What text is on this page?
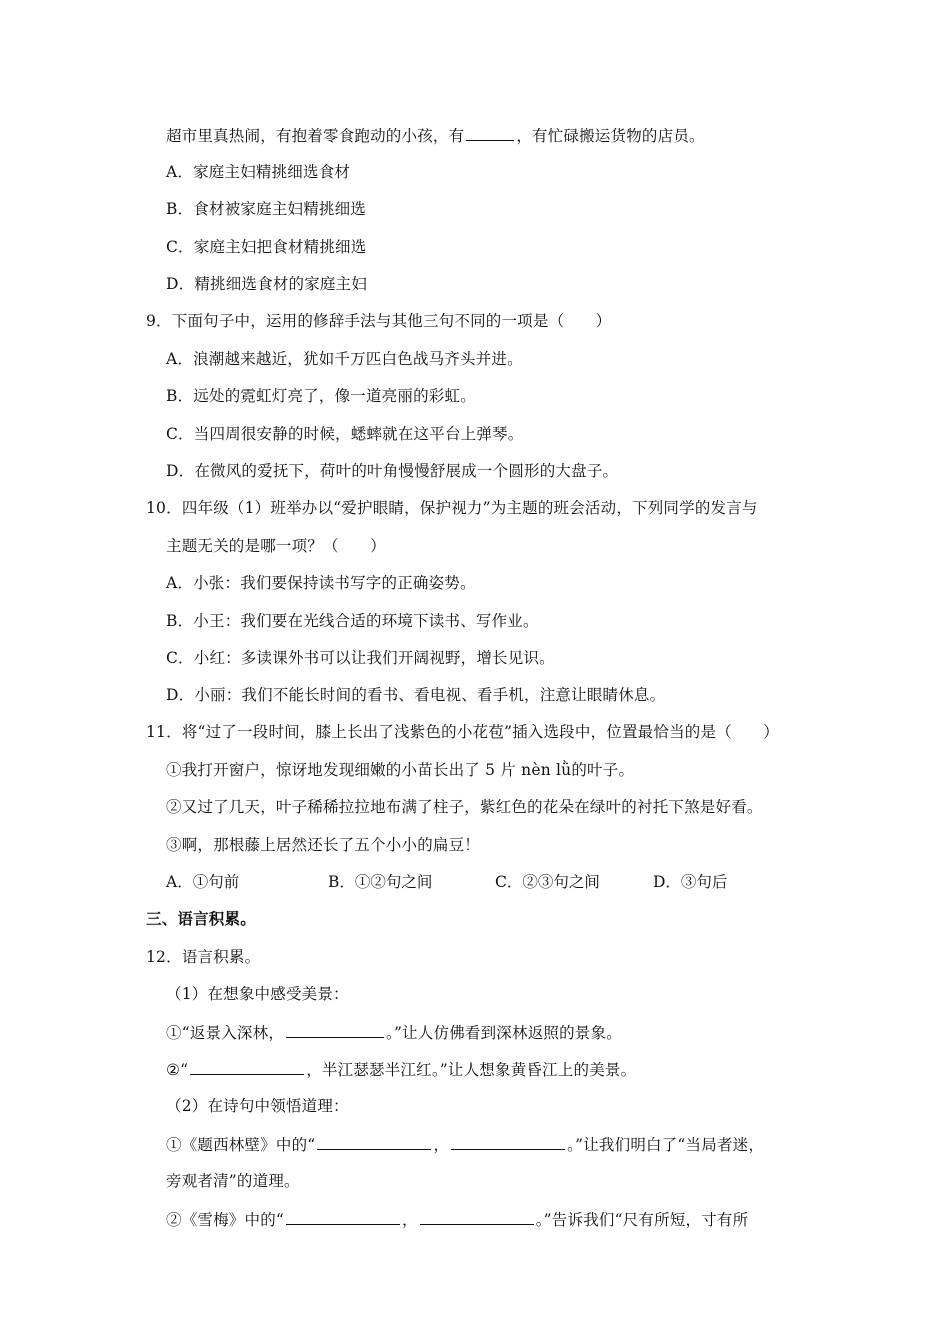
超市里真热闹，有抱着零食跑动的小孩，有	，有忙碌搬运货物的店员。
A．家庭主妇精挑细选食材
B．食材被家庭主妇精挑细选
C．家庭主妇把食材精挑细选
D．精挑细选食材的家庭主妇
9．下面句子中，运用的修辞手法与其他三句不同的一项是（　　）
A．浪潮越来越近，犹如千万匹白色战马齐头并进。
B．远处的霓虹灯亮了，像一道亮丽的彩虹。
C．当四周很安静的时候，蟋蟀就在这平台上弹琴。
D．在微风的爱抚下，荷叶的叶角慢慢舒展成一个圆形的大盘子。
10．四年级（1）班举办以“爱护眼睛，保护视力”为主题的班会活动，下列同学的发言与
主题无关的是哪一项？（　　）
A．小张：我们要保持读书写字的正确姿势。
B．小王：我们要在光线合适的环境下读书、写作业。
C．小红：多读课外书可以让我们开阔视野，增长见识。
D．小丽：我们不能长时间的看书、看电视、看手机，注意让眼睛休息。
11．将“过了一段时间，膝上长出了浅紫色的小花苞”插入选段中，位置最恰当的是（　　）
①我打开窗户，惊讶地发现细嫩的小苗长出了 5 片 nèn lǜ的叶子。
②又过了几天，叶子稀稀拉拉地布满了柱子，紫红色的花朵在绿叶的衬托下煞是好看。
③啊，那根藤上居然还长了五个小小的扁豆！
A．①句前	B．①②句之间	C．②③句之间	D．③句后
三、语言积累。
12．语言积累。
（1）在想象中感受美景：
①“返景入深林，	。”让人仿佛看到深林返照的景象。
②“	，半江瑟瑟半江红。”让人想象黄昏江上的美景。
（2）在诗句中领悟道理：
①《题西林壁》中的“	，	。”让我们明白了“当局者迷，
旁观者清”的道理。
②《雪梅》中的“	，	。”告诉我们“尺有所短，寸有所
